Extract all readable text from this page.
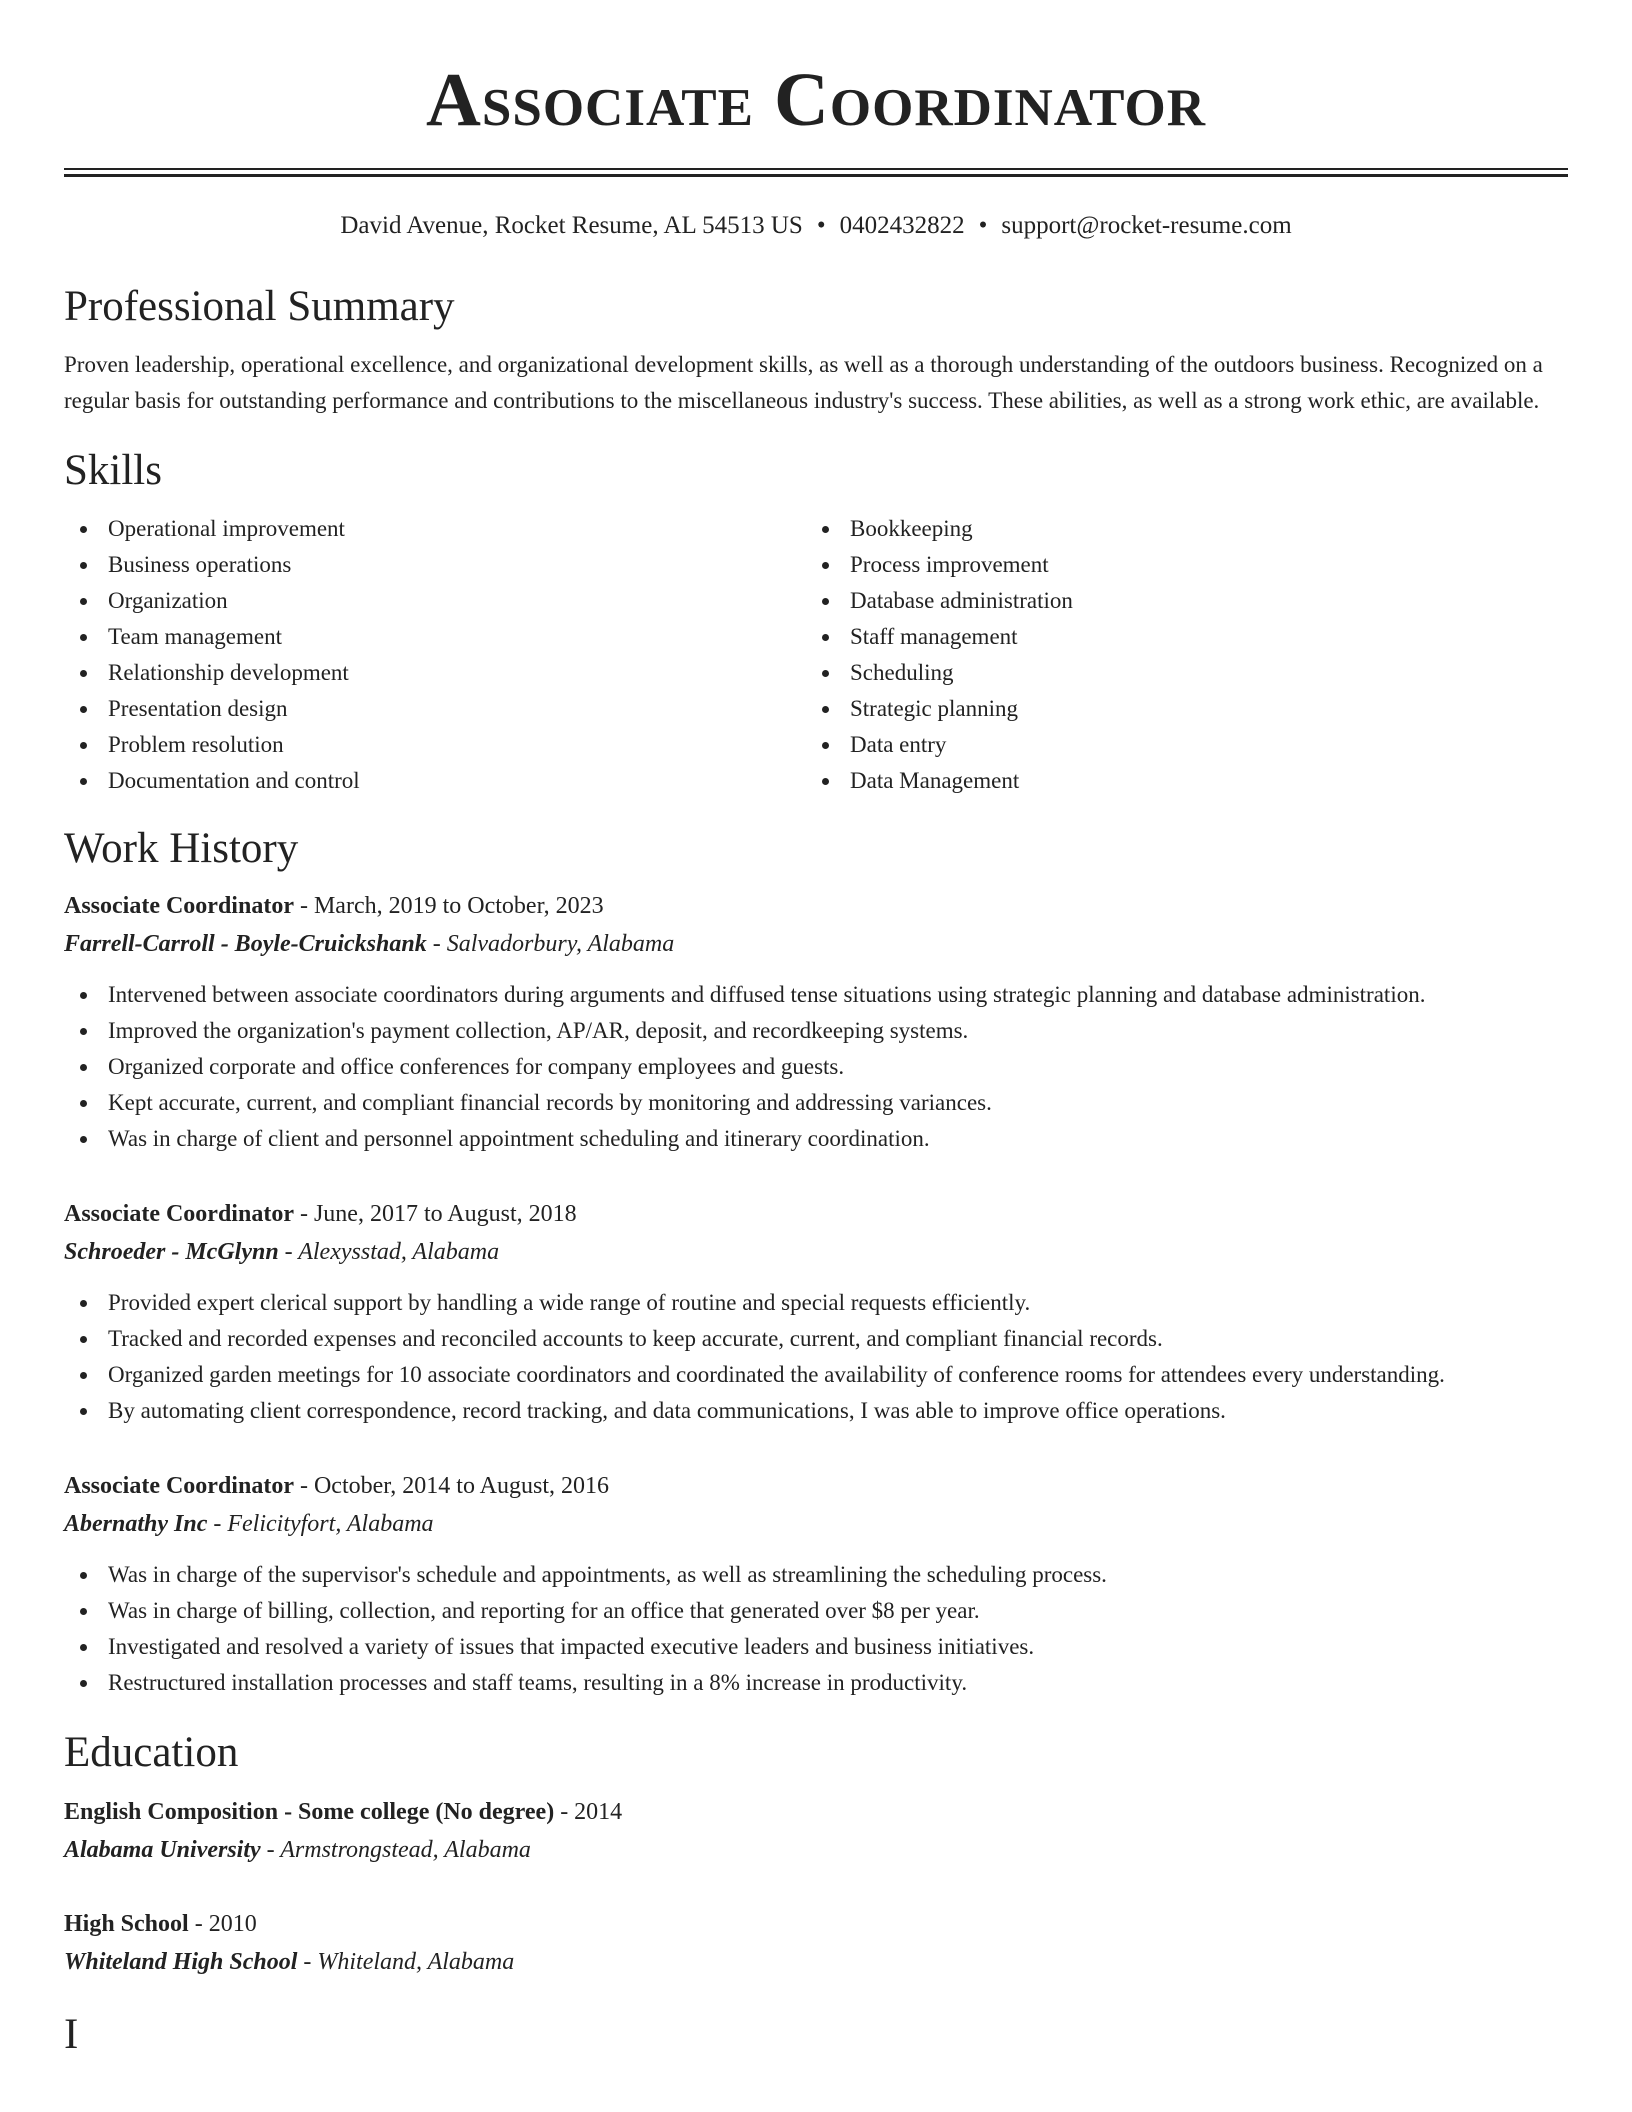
Associate Coordinator
David Avenue, Rocket Resume, AL 54513 US • 0402432822 • support@rocket-resume.com
Professional Summary

Proven leadership, operational excellence, and organizational development skills, as well as a thorough understanding of the outdoors business. Recognized on a regular basis for outstanding performance and contributions to the miscellaneous industry's success. These abilities, as well as a strong work ethic, are available.

Skills
Operational improvement
Business operations
Organization
Team management
Relationship development
Presentation design
Problem resolution
Documentation and control
Bookkeeping
Process improvement
Database administration
Staff management
Scheduling
Strategic planning
Data entry
Data Management
Work History
Associate Coordinator - March, 2019 to October, 2023
Farrell-Carroll - Boyle-Cruickshank - Salvadorbury, Alabama
Intervened between associate coordinators during arguments and diffused tense situations using strategic planning and database administration.
Improved the organization's payment collection, AP/AR, deposit, and recordkeeping systems.
Organized corporate and office conferences for company employees and guests.
Kept accurate, current, and compliant financial records by monitoring and addressing variances.
Was in charge of client and personnel appointment scheduling and itinerary coordination.
Associate Coordinator - June, 2017 to August, 2018
Schroeder - McGlynn - Alexysstad, Alabama
Provided expert clerical support by handling a wide range of routine and special requests efficiently.
Tracked and recorded expenses and reconciled accounts to keep accurate, current, and compliant financial records.
Organized garden meetings for 10 associate coordinators and coordinated the availability of conference rooms for attendees every understanding.
By automating client correspondence, record tracking, and data communications, I was able to improve office operations.
Associate Coordinator - October, 2014 to August, 2016
Abernathy Inc - Felicityfort, Alabama
Was in charge of the supervisor's schedule and appointments, as well as streamlining the scheduling process.
Was in charge of billing, collection, and reporting for an office that generated over $8 per year.
Investigated and resolved a variety of issues that impacted executive leaders and business initiatives.
Restructured installation processes and staff teams, resulting in a 8% increase in productivity.
Education
English Composition - Some college (No degree) - 2014
Alabama University - Armstrongstead, Alabama
High School - 2010
Whiteland High School - Whiteland, Alabama
I
